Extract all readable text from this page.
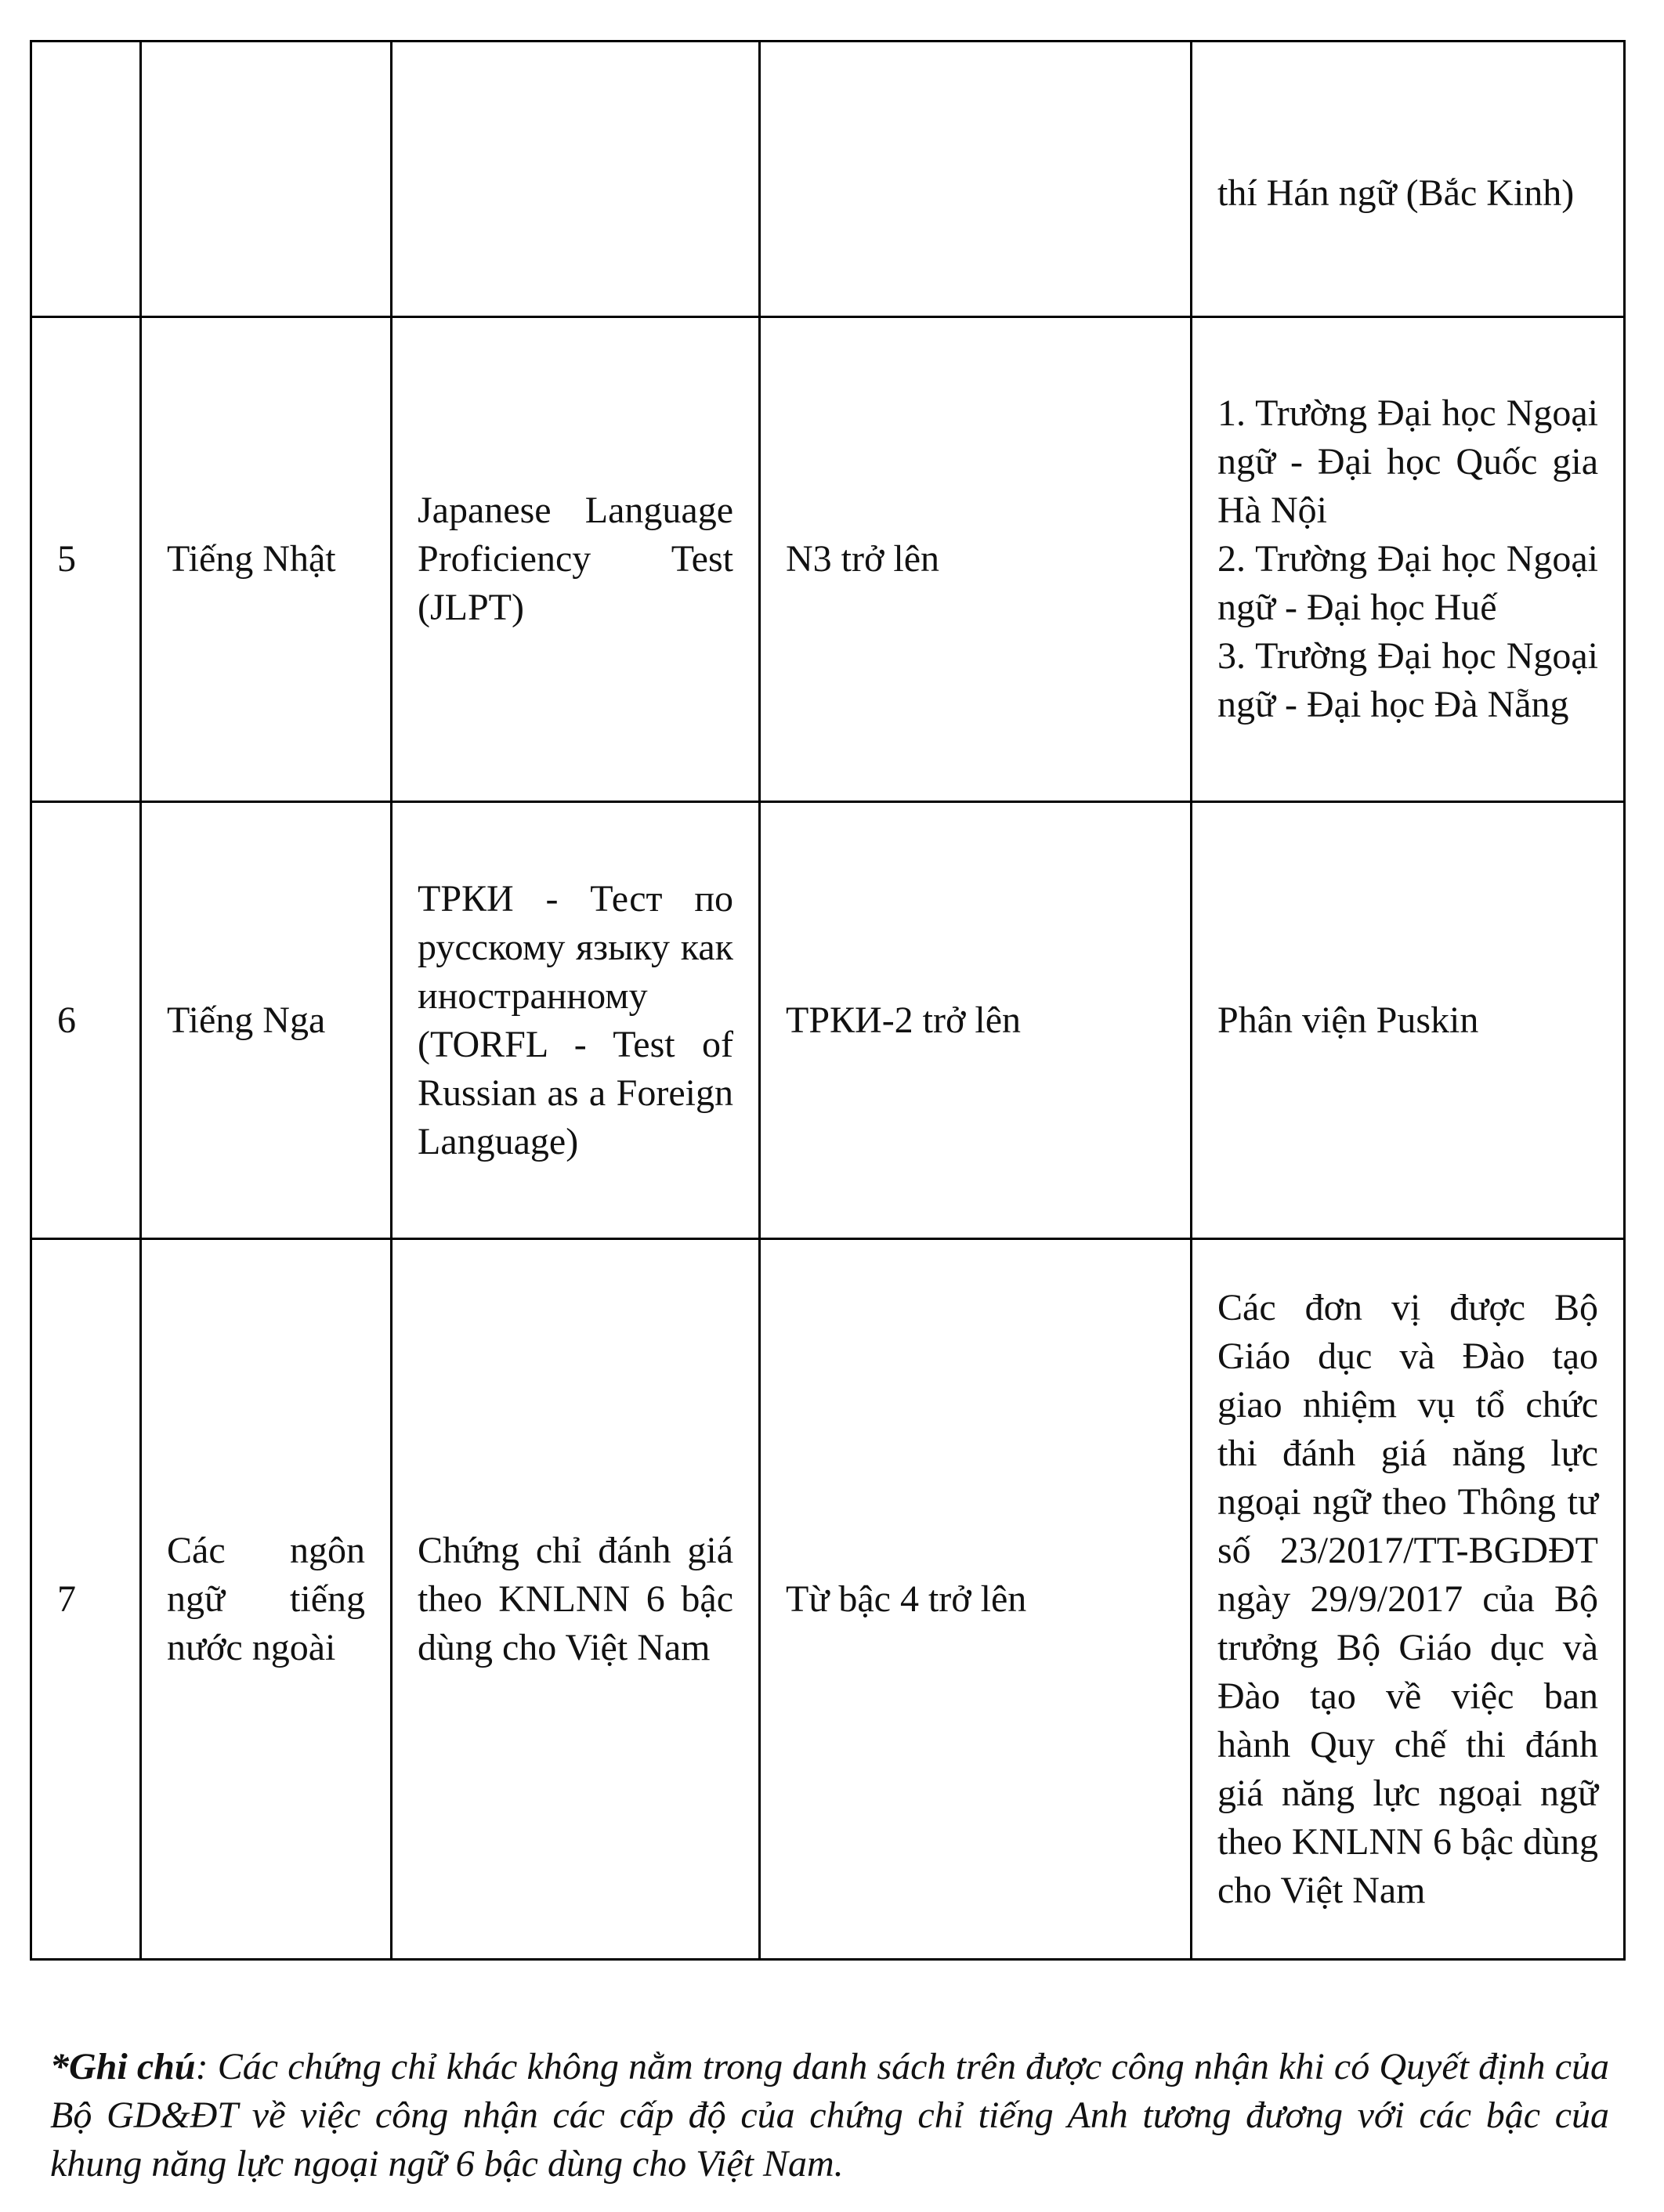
				thí Hán ngữ (Bắc Kinh)
5	Tiếng Nhật	Japanese Language Proficiency Test (JLPT)	N3 trở lên	1. Trường Đại học Ngoại ngữ - Đại học Quốc gia Hà Nội
2. Trường Đại học Ngoại ngữ - Đại học Huế
3. Trường Đại học Ngoại ngữ - Đại học Đà Nẵng

6	Tiếng Nga	ТРКИ - Тест по русскому языку как иностранному (TORFL - Test of Russian as a Foreign Language)	ТРКИ-2 trở lên	Phân viện Puskin
7	Các ngôn ngữ tiếng nước ngoài	Chứng chỉ đánh giá theo KNLNN 6 bậc dùng cho Việt Nam	Từ bậc 4 trở lên	Các đơn vị được Bộ Giáo dục và Đào tạo giao nhiệm vụ tổ chức thi đánh giá năng lực ngoại ngữ theo Thông tư số 23/2017/TT-BGDĐT ngày 29/9/2017 của Bộ trưởng Bộ Giáo dục và Đào tạo về việc ban hành Quy chế thi đánh giá năng lực ngoại ngữ theo KNLNN 6 bậc dùng cho Việt Nam

*Ghi chú: Các chứng chỉ khác không nằm trong danh sách trên được công nhận khi có Quyết định của Bộ GD&ĐT về việc công nhận các cấp độ của chứng chỉ tiếng Anh tương đương với các bậc của khung năng lực ngoại ngữ 6 bậc dùng cho Việt Nam.
